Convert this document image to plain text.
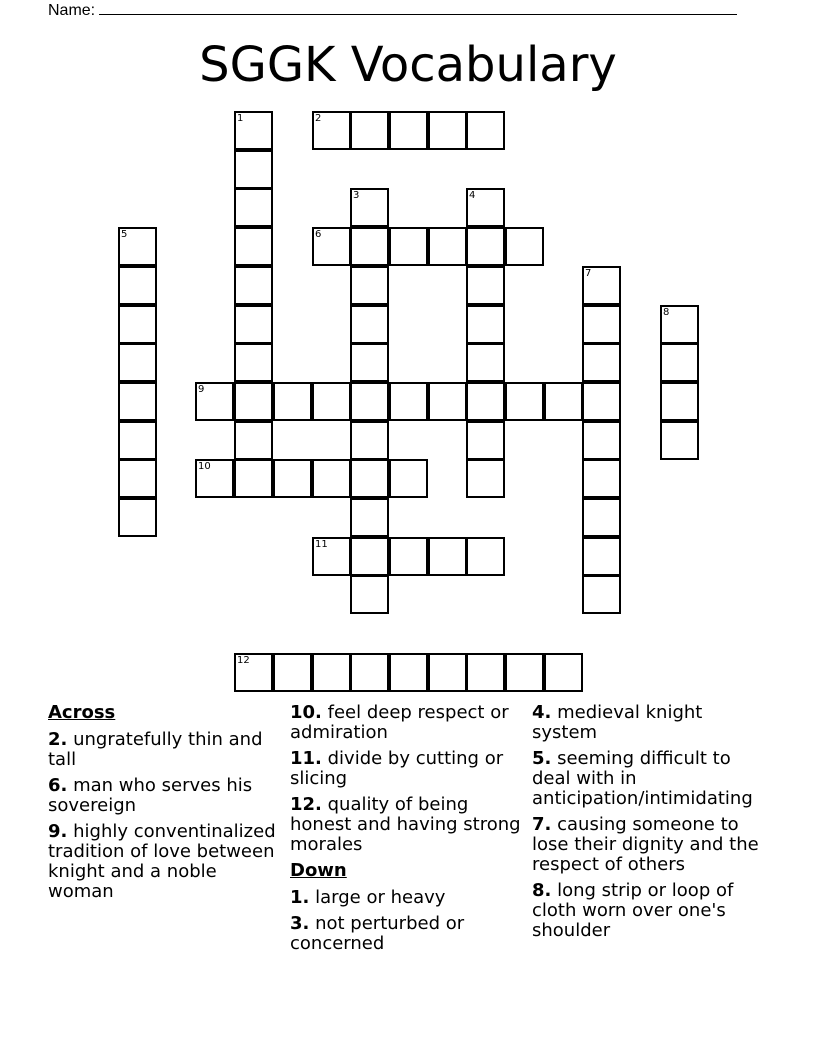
Name:
SGGK Vocabulary
1	2
3	4
5	6
7
8
9
10
11
12
Across
2. ungratefully thin and tall
6. man who serves his sovereign
9. highly conventinalized tradition of love between knight and a noble woman
10. feel deep respect or admiration
11. divide by cutting or slicing
12. quality of being honest and having strong morales
Down
1. large or heavy
3. not perturbed or concerned
4. medieval knight system
5. seeming difficult to deal with in anticipation/intimidating
7. causing someone to lose their dignity and the respect of others
8. long strip or loop of cloth worn over one's shoulder
